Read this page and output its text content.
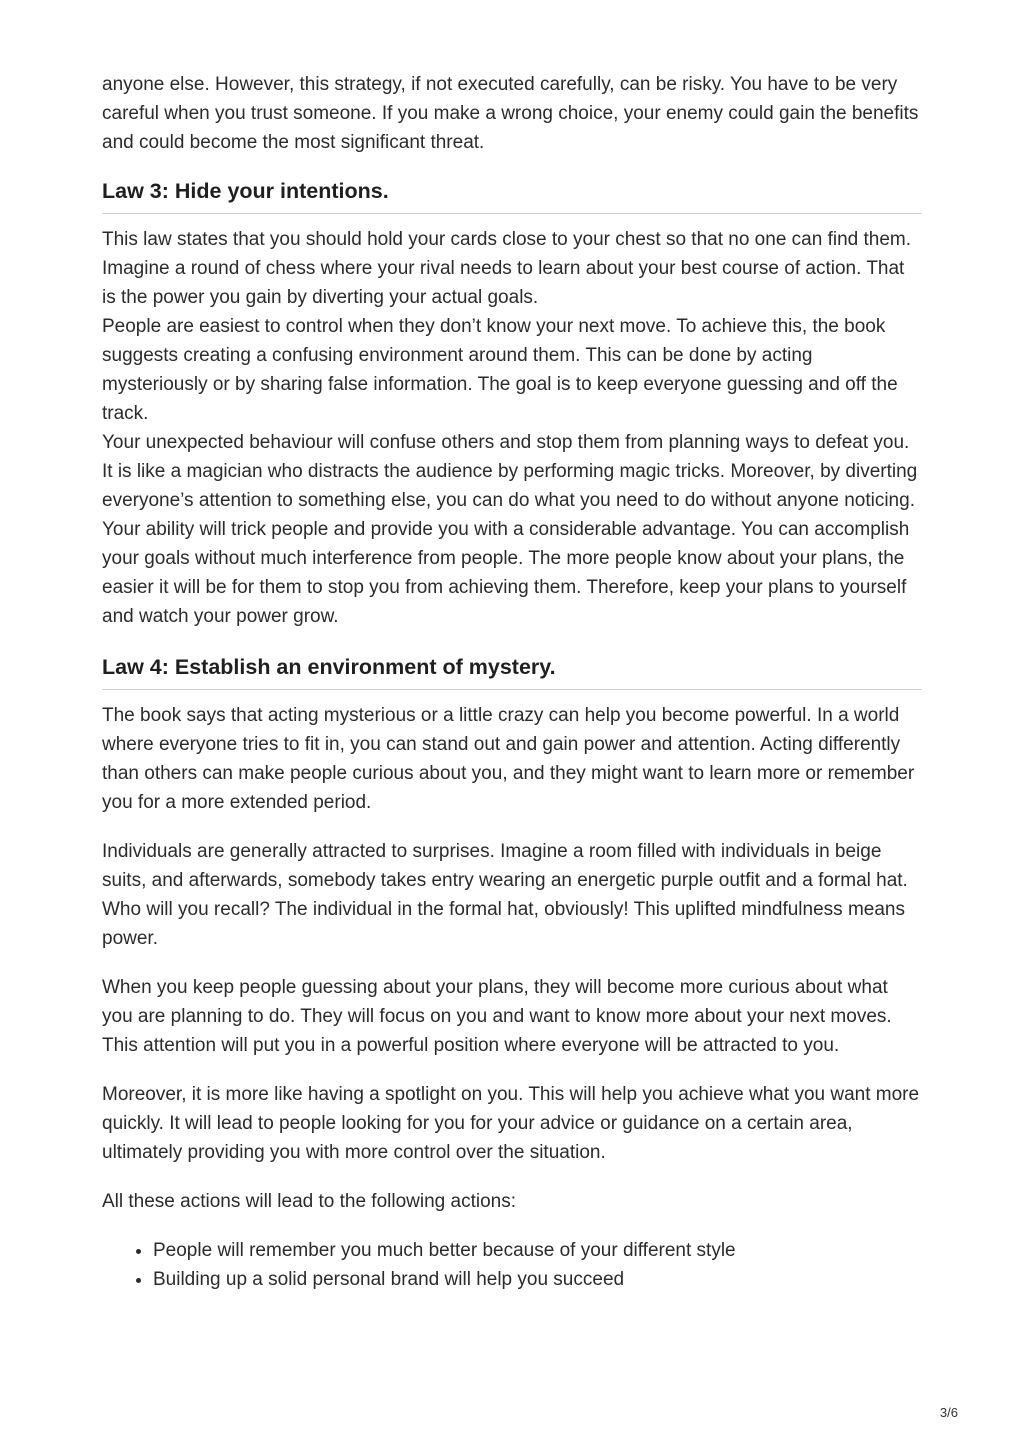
anyone else. However, this strategy, if not executed carefully, can be risky. You have to be very careful when you trust someone. If you make a wrong choice, your enemy could gain the benefits and could become the most significant threat.

Law 3: Hide your intentions.

This law states that you should hold your cards close to your chest so that no one can find them. Imagine a round of chess where your rival needs to learn about your best course of action. That is the power you gain by diverting your actual goals.

People are easiest to control when they don’t know your next move. To achieve this, the book suggests creating a confusing environment around them. This can be done by acting mysteriously or by sharing false information. The goal is to keep everyone guessing and off the track.

Your unexpected behaviour will confuse others and stop them from planning ways to defeat you. It is like a magician who distracts the audience by performing magic tricks. Moreover, by diverting everyone’s attention to something else, you can do what you need to do without anyone noticing.

Your ability will trick people and provide you with a considerable advantage. You can accomplish your goals without much interference from people. The more people know about your plans, the easier it will be for them to stop you from achieving them. Therefore, keep your plans to yourself and watch your power grow.

Law 4: Establish an environment of mystery.

The book says that acting mysterious or a little crazy can help you become powerful. In a world where everyone tries to fit in, you can stand out and gain power and attention. Acting differently than others can make people curious about you, and they might want to learn more or remember you for a more extended period.

Individuals are generally attracted to surprises. Imagine a room filled with individuals in beige suits, and afterwards, somebody takes entry wearing an energetic purple outfit and a formal hat. Who will you recall? The individual in the formal hat, obviously! This uplifted mindfulness means power.

When you keep people guessing about your plans, they will become more curious about what you are planning to do. They will focus on you and want to know more about your next moves. This attention will put you in a powerful position where everyone will be attracted to you.

Moreover, it is more like having a spotlight on you. This will help you achieve what you want more quickly. It will lead to people looking for you for your advice or guidance on a certain area, ultimately providing you with more control over the situation.

All these actions will lead to the following actions:

• People will remember you much better because of your different style
• Building up a solid personal brand will help you succeed
3/6
